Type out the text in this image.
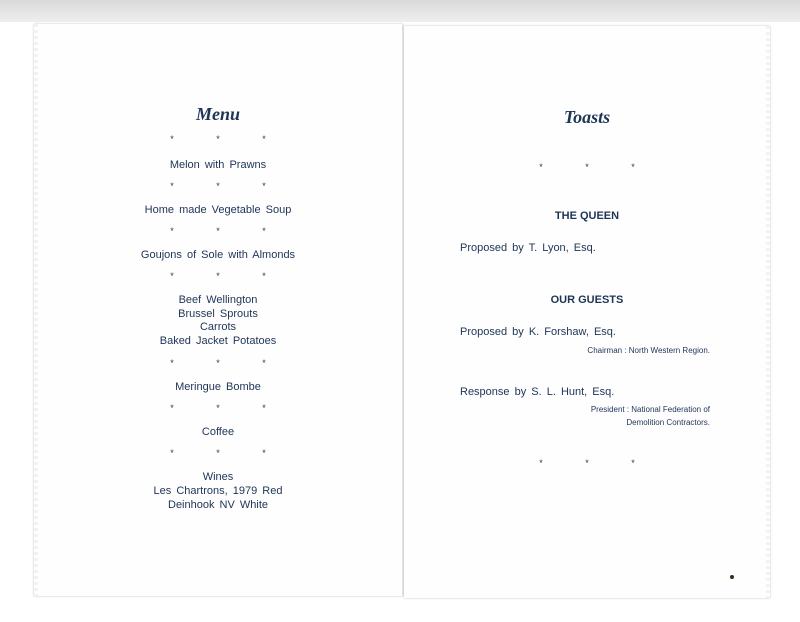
Menu
* * *
Melon with Prawns
* * *
Home made Vegetable Soup
* * *
Goujons of Sole with Almonds
* * *
Beef Wellington
Brussel Sprouts
Carrots
Baked Jacket Potatoes
* * *
Meringue Bombe
* * *
Coffee
* * *
Wines
Les Chartrons, 1979 Red
Deinhook NV White
Toasts
* * *
THE QUEEN
Proposed by T. Lyon, Esq.
OUR GUESTS
Proposed by K. Forshaw, Esq.
Chairman : North Western Region.
Response by S. L. Hunt, Esq.
President : National Federation of
Demolition Contractors.
* * *
